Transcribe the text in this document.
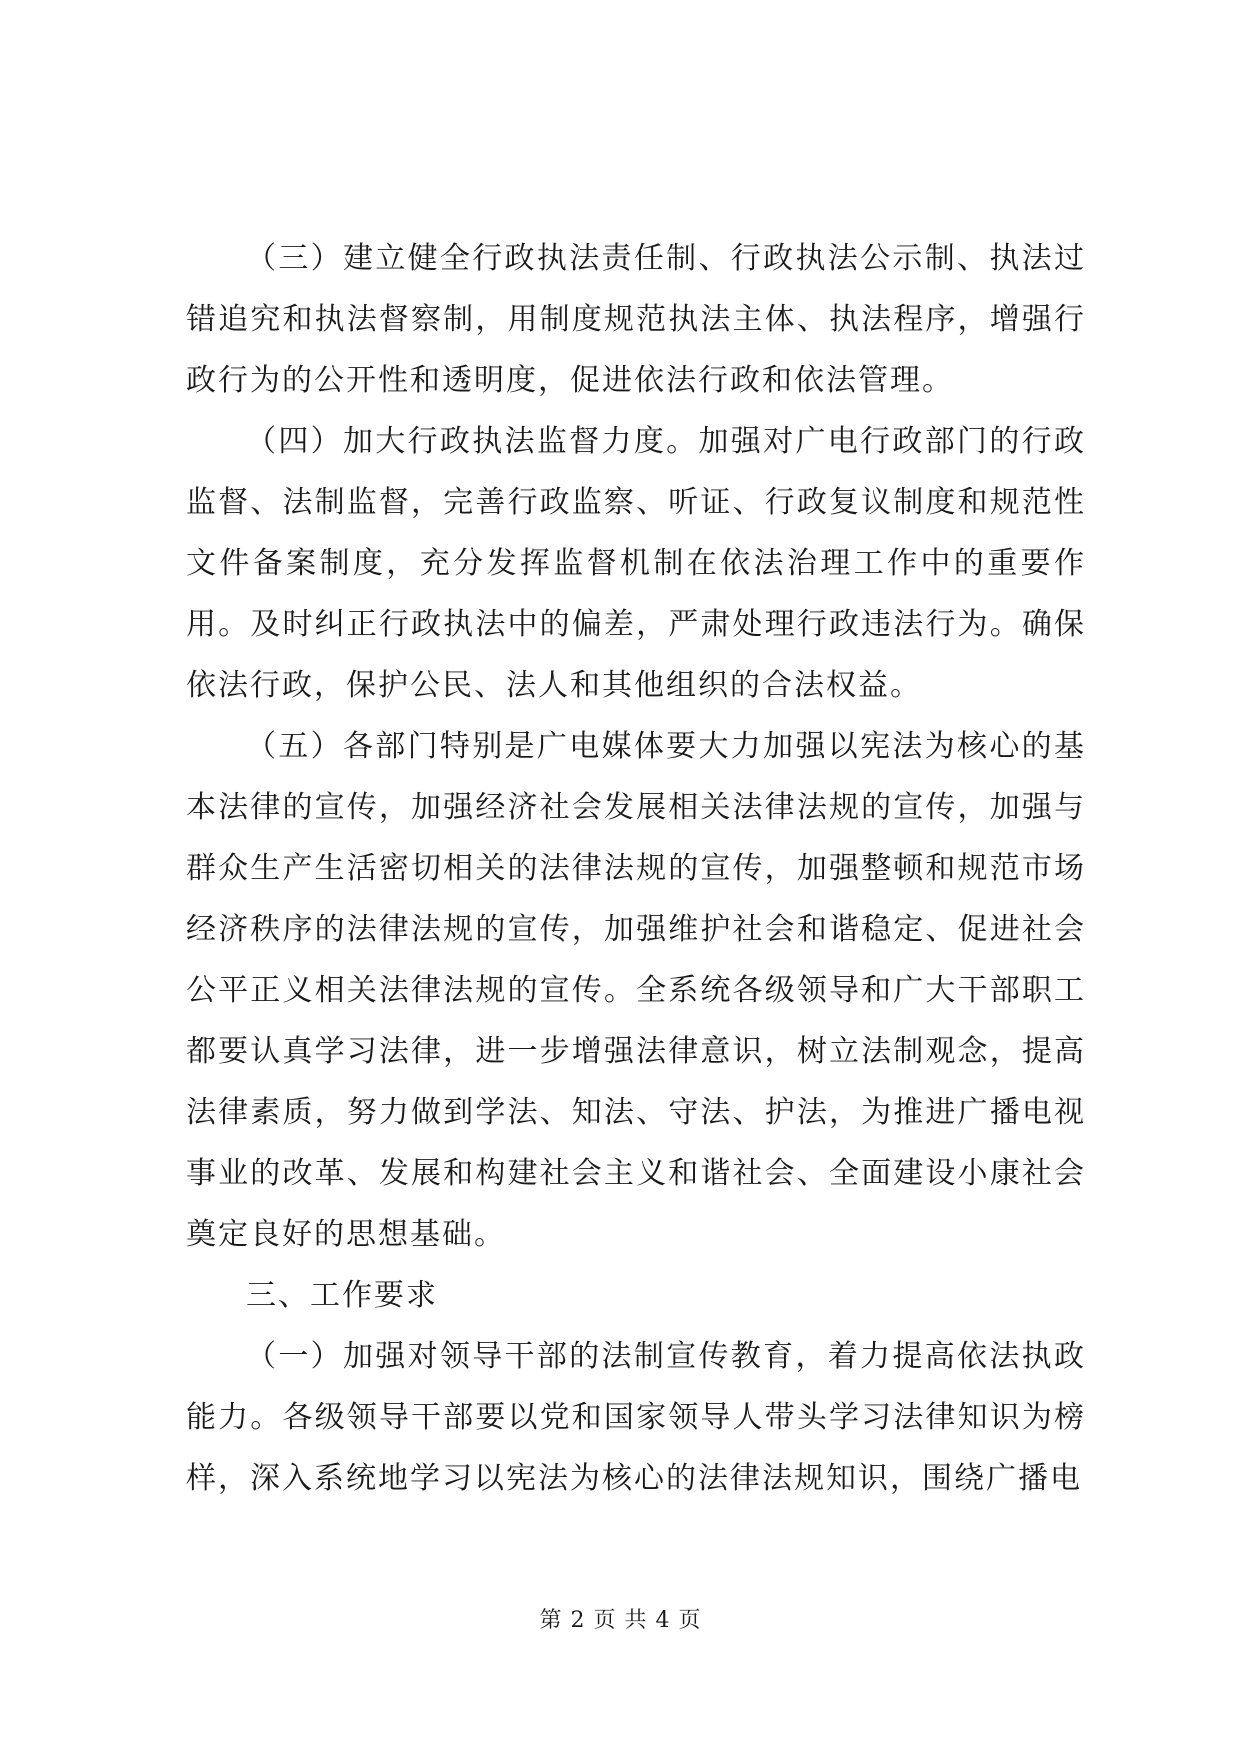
（三）建立健全行政执法责任制、行政执法公示制、执法过错追究和执法督察制，用制度规范执法主体、执法程序，增强行政行为的公开性和透明度，促进依法行政和依法管理。

（四）加大行政执法监督力度。加强对广电行政部门的行政监督、法制监督，完善行政监察、听证、行政复议制度和规范性文件备案制度，充分发挥监督机制在依法治理工作中的重要作用。及时纠正行政执法中的偏差，严肃处理行政违法行为。确保依法行政，保护公民、法人和其他组织的合法权益。

（五）各部门特别是广电媒体要大力加强以宪法为核心的基本法律的宣传，加强经济社会发展相关法律法规的宣传，加强与群众生产生活密切相关的法律法规的宣传，加强整顿和规范市场经济秩序的法律法规的宣传，加强维护社会和谐稳定、促进社会公平正义相关法律法规的宣传。全系统各级领导和广大干部职工都要认真学习法律，进一步增强法律意识，树立法制观念，提高法律素质，努力做到学法、知法、守法、护法，为推进广播电视事业的改革、发展和构建社会主义和谐社会、全面建设小康社会奠定良好的思想基础。

三、工作要求

（一）加强对领导干部的法制宣传教育，着力提高依法执政能力。各级领导干部要以党和国家领导人带头学习法律知识为榜样，深入系统地学习以宪法为核心的法律法规知识，围绕广播电

第 2 页 共 4 页
